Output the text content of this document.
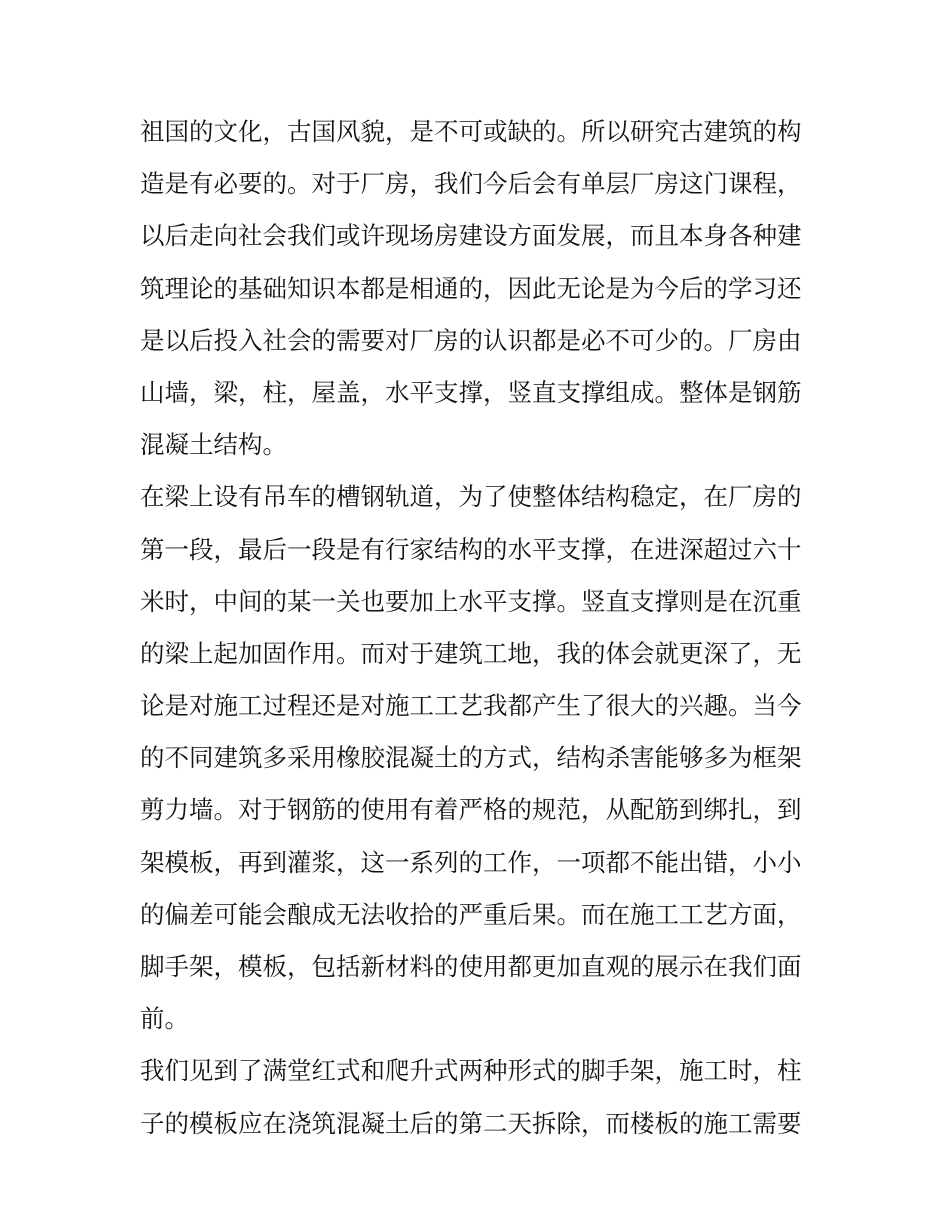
祖国的文化，古国风貌，是不可或缺的。所以研究古建筑的构
造是有必要的。对于厂房，我们今后会有单层厂房这门课程，
以后走向社会我们或许现场房建设方面发展，而且本身各种建
筑理论的基础知识本都是相通的，因此无论是为今后的学习还
是以后投入社会的需要对厂房的认识都是必不可少的。厂房由
山墙，梁，柱，屋盖，水平支撑，竖直支撑组成。整体是钢筋
混凝土结构。
在梁上设有吊车的槽钢轨道，为了使整体结构稳定，在厂房的
第一段，最后一段是有行家结构的水平支撑，在进深超过六十
米时，中间的某一关也要加上水平支撑。竖直支撑则是在沉重
的梁上起加固作用。而对于建筑工地，我的体会就更深了，无
论是对施工过程还是对施工工艺我都产生了很大的兴趣。当今
的不同建筑多采用橡胶混凝土的方式，结构杀害能够多为框架
剪力墙。对于钢筋的使用有着严格的规范，从配筋到绑扎，到
架模板，再到灌浆，这一系列的工作，一项都不能出错，小小
的偏差可能会酿成无法收拾的严重后果。而在施工工艺方面，
脚手架，模板，包括新材料的使用都更加直观的展示在我们面
前。
我们见到了满堂红式和爬升式两种形式的脚手架，施工时，柱
子的模板应在浇筑混凝土后的第二天拆除，而楼板的施工需要
